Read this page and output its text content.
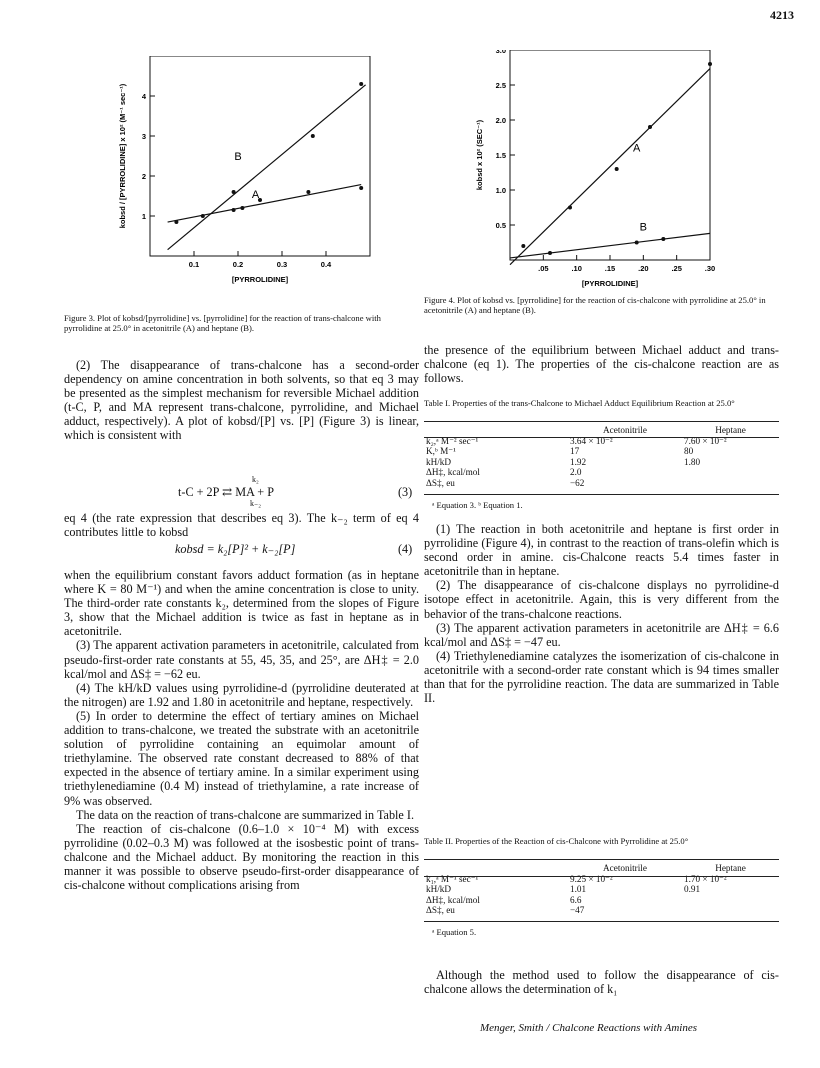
4213
0.1	0.2	0.3	0.4
1
2
3
4
[PYRROLIDINE]
kobsd / [PYRROLIDINE] x 10² (M⁻¹ sec⁻¹)	A
B
Figure 3. Plot of kobsd/[pyrrolidine] vs. [pyrrolidine] for the reaction of trans-chalcone with pyrrolidine at 25.0° in acetonitrile (A) and heptane (B).
.05	.10	.15	.20	.25	.30
0.5
1.0
1.5
2.0
2.5
3.0
[PYRROLIDINE]
kobsd x 10² (SEC⁻¹)	A
B
Figure 4. Plot of kobsd vs. [pyrrolidine] for the reaction of cis-chalcone with pyrrolidine at 25.0° in acetonitrile (A) and heptane (B).

(2) The disappearance of trans-chalcone has a second-order dependency on amine concentration in both solvents, so that eq 3 may be presented as the simplest mechanism for reversible Michael addition (t-C, P, and MA represent trans-chalcone, pyrrolidine, and Michael adduct, respectively). A plot of kobsd/[P] vs. [P] (Figure 3) is linear, which is consistent with

k₂
t-C + 2P ⇄ MA + P
k₋₂
(3)

eq 4 (the rate expression that describes eq 3). The k₋₂ term of eq 4 contributes little to kobsd

kobsd = k₂[P]² + k₋₂[P]	(4)

when the equilibrium constant favors adduct formation (as in heptane where K = 80 M⁻¹) and when the amine concentration is close to unity. The third-order rate constants k₂, determined from the slopes of Figure 3, show that the Michael addition is twice as fast in heptane as in acetonitrile.

(3) The apparent activation parameters in acetonitrile, calculated from pseudo-first-order rate constants at 55, 45, 35, and 25°, are ΔH‡ = 2.0 kcal/mol and ΔS‡ = −62 eu.

(4) The kH/kD values using pyrrolidine-d (pyrrolidine deuterated at the nitrogen) are 1.92 and 1.80 in acetonitrile and heptane, respectively.

(5) In order to determine the effect of tertiary amines on Michael addition to trans-chalcone, we treated the substrate with an acetonitrile solution of pyrrolidine containing an equimolar amount of triethylamine. The observed rate constant decreased to 88% of that expected in the absence of tertiary amine. In a similar experiment using triethylenediamine (0.4 M) instead of triethylamine, a rate increase of 9% was observed.

The data on the reaction of trans-chalcone are summarized in Table I.

The reaction of cis-chalcone (0.6–1.0 × 10⁻⁴ M) with excess pyrrolidine (0.02–0.3 M) was followed at the isosbestic point of trans-chalcone and the Michael adduct. By monitoring the reaction in this manner it was possible to observe pseudo-first-order disappearance of cis-chalcone without complications arising from

the presence of the equilibrium between Michael adduct and trans-chalcone (eq 1). The properties of the cis-chalcone reaction are as follows.

Table I. Properties of the trans-Chalcone to Michael Adduct Equilibrium Reaction at 25.0°
	Acetonitrile	Heptane
k₂,ᵃ M⁻² sec⁻¹	3.64 × 10⁻²	7.60 × 10⁻²
K,ᵇ M⁻¹	17	80
kH/kD	1.92	1.80
ΔH‡, kcal/mol	2.0	
ΔS‡, eu	−62	
ᵃ Equation 3. ᵇ Equation 1.

(1) The reaction in both acetonitrile and heptane is first order in pyrrolidine (Figure 4), in contrast to the reaction of trans-olefin which is second order in amine. cis-Chalcone reacts 5.4 times faster in acetonitrile than in heptane.

(2) The disappearance of cis-chalcone displays no pyrrolidine-d isotope effect in acetonitrile. Again, this is very different from the behavior of the trans-chalcone reactions.

(3) The apparent activation parameters in acetonitrile are ΔH‡ = 6.6 kcal/mol and ΔS‡ = −47 eu.

(4) Triethylenediamine catalyzes the isomerization of cis-chalcone in acetonitrile with a second-order rate constant which is 94 times smaller than that for the pyrrolidine reaction. The data are summarized in Table II.

Table II. Properties of the Reaction of cis-Chalcone with Pyrrolidine at 25.0°
	Acetonitrile	Heptane
k₁,ᵃ M⁻¹ sec⁻¹	9.25 × 10⁻²	1.70 × 10⁻²
kH/kD	1.01	0.91
ΔH‡, kcal/mol	6.6	
ΔS‡, eu	−47	
ᵃ Equation 5.

Although the method used to follow the disappearance of cis-chalcone allows the determination of k₁

Menger, Smith / Chalcone Reactions with Amines
